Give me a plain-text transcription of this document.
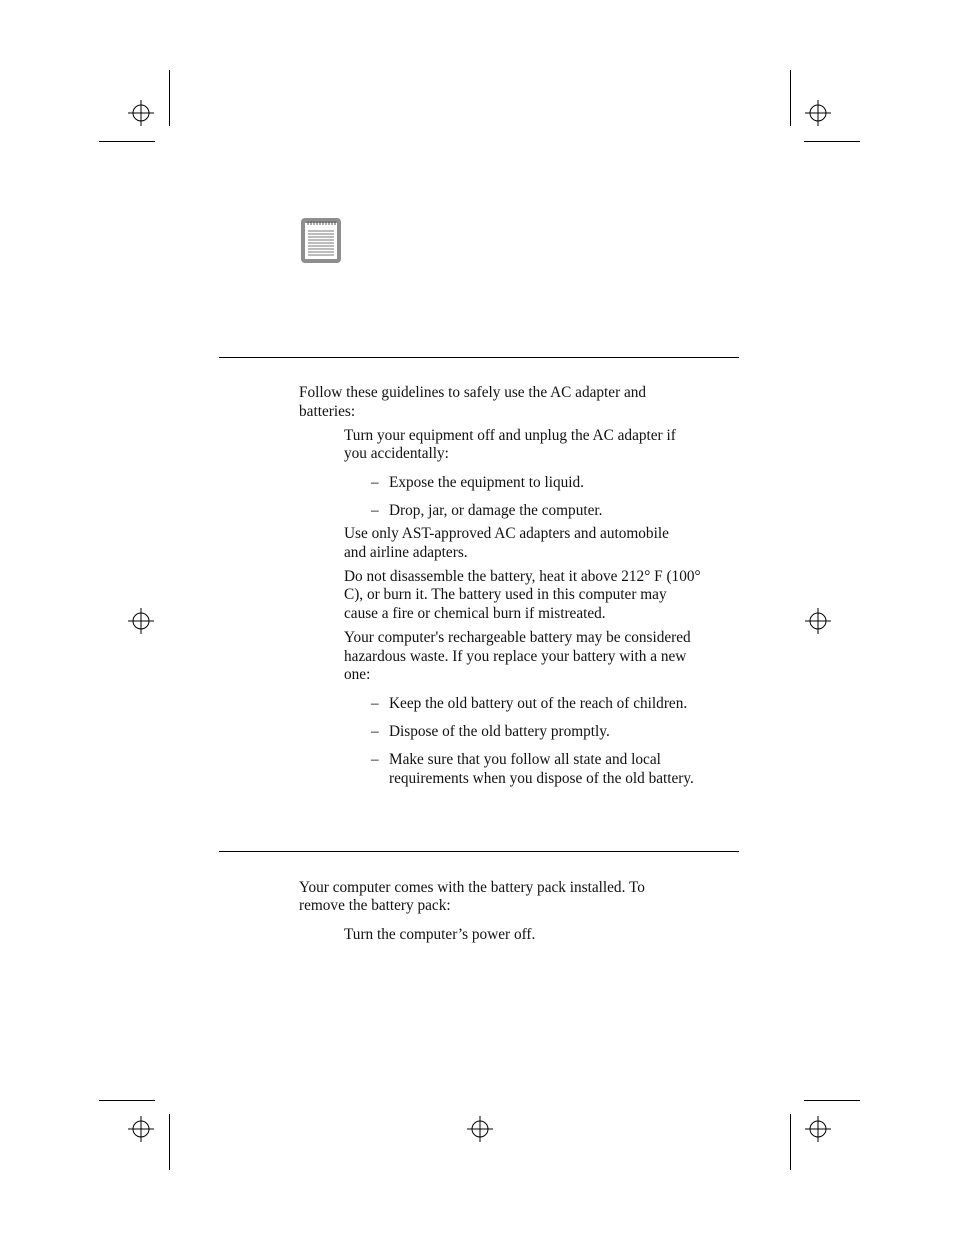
Follow these guidelines to safely use the AC adapter and
batteries:
Turn your equipment off and unplug the AC adapter if
you accidentally:
– Expose the equipment to liquid.
– Drop, jar, or damage the computer.
Use only AST-approved AC adapters and automobile
and airline adapters.
Do not disassemble the battery, heat it above 212° F (100°
C), or burn it. The battery used in this computer may
cause a fire or chemical burn if mistreated.
Your computer's rechargeable battery may be considered
hazardous waste. If you replace your battery with a new
one:
– Keep the old battery out of the reach of children.
– Dispose of the old battery promptly.
– Make sure that you follow all state and local
requirements when you dispose of the old battery.
Your computer comes with the battery pack installed. To
remove the battery pack:
Turn the computer’s power off.
